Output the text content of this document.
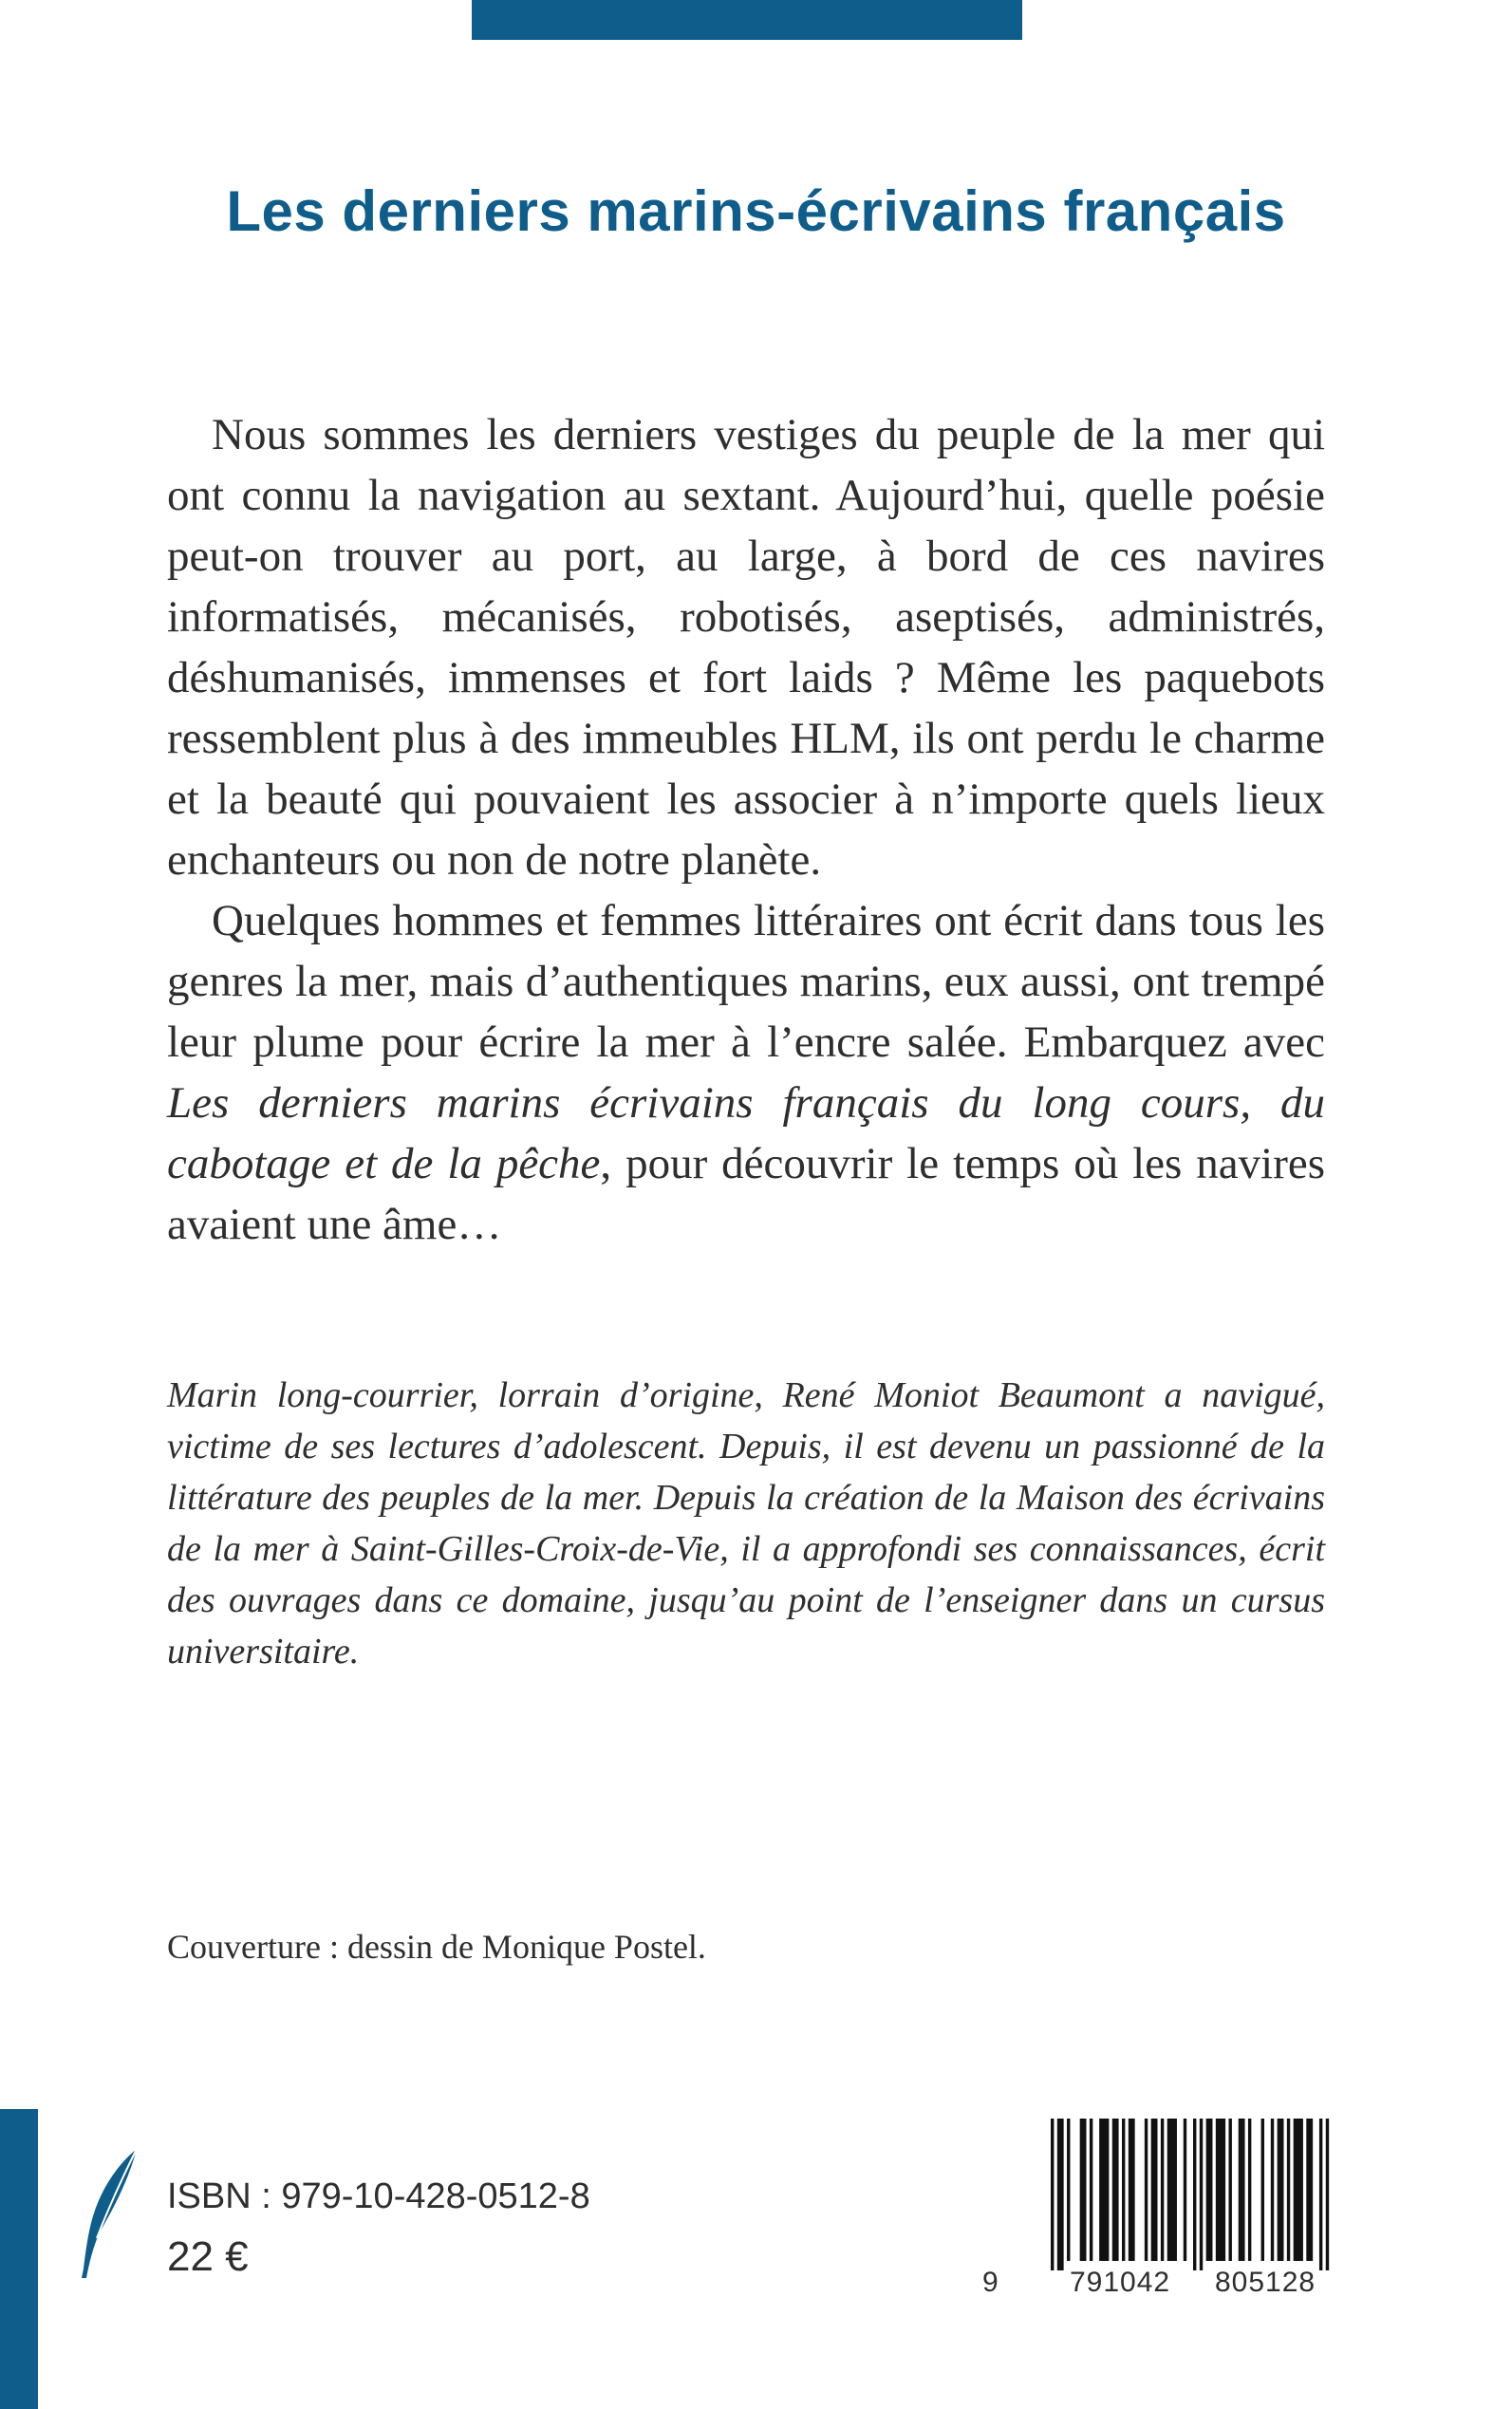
Les derniers marins-écrivains français

Nous sommes les derniers vestiges du peuple de la mer qui ont connu la navigation au sextant. Aujourd’hui, quelle poésie peut-on trouver au port, au large, à bord de ces navires informatisés, mécanisés, robotisés, aseptisés, administrés, déshumanisés, immenses et fort laids ? Même les paquebots ressemblent plus à des immeubles HLM, ils ont perdu le charme et la beauté qui pouvaient les associer à n’importe quels lieux enchanteurs ou non de notre planète.

Quelques hommes et femmes littéraires ont écrit dans tous les genres la mer, mais d’authentiques marins, eux aussi, ont trempé leur plume pour écrire la mer à l’encre salée. Embarquez avec Les derniers marins écrivains français du long cours, du cabotage et de la pêche, pour découvrir le temps où les navires avaient une âme…

Marin long-courrier, lorrain d’origine, René Moniot Beaumont a navigué, victime de ses lectures d’adolescent. Depuis, il est devenu un passionné de la littérature des peuples de la mer. Depuis la création de la Maison des écrivains de la mer à Saint-Gilles-Croix-de-Vie, il a approfondi ses connaissances, écrit des ouvrages dans ce domaine, jusqu’au point de l’enseigner dans un cursus universitaire.

Couverture : dessin de Monique Postel.
ISBN : 979-10-428-0512-8
22 €
9	791042 805128
